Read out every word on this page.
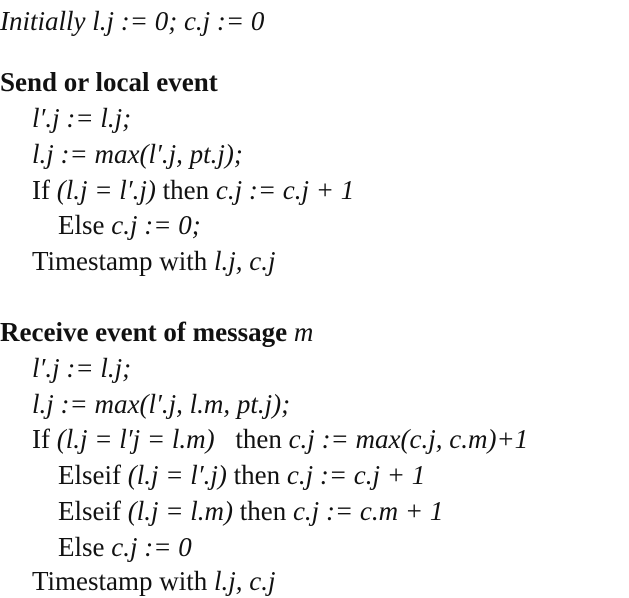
Initially l.j := 0; c.j := 0
Send or local event
l′.j := l.j;
l.j := max(l′.j, pt.j);
If (l.j = l′.j) then c.j := c.j + 1
Else c.j := 0;
Timestamp with l.j, c.j
Receive event of message m
l′.j := l.j;
l.j := max(l′.j, l.m, pt.j);
If (l.j = l′j = l.m) then c.j := max(c.j, c.m)+1
Elseif (l.j = l′.j) then c.j := c.j + 1
Elseif (l.j = l.m) then c.j := c.m + 1
Else c.j := 0
Timestamp with l.j, c.j
